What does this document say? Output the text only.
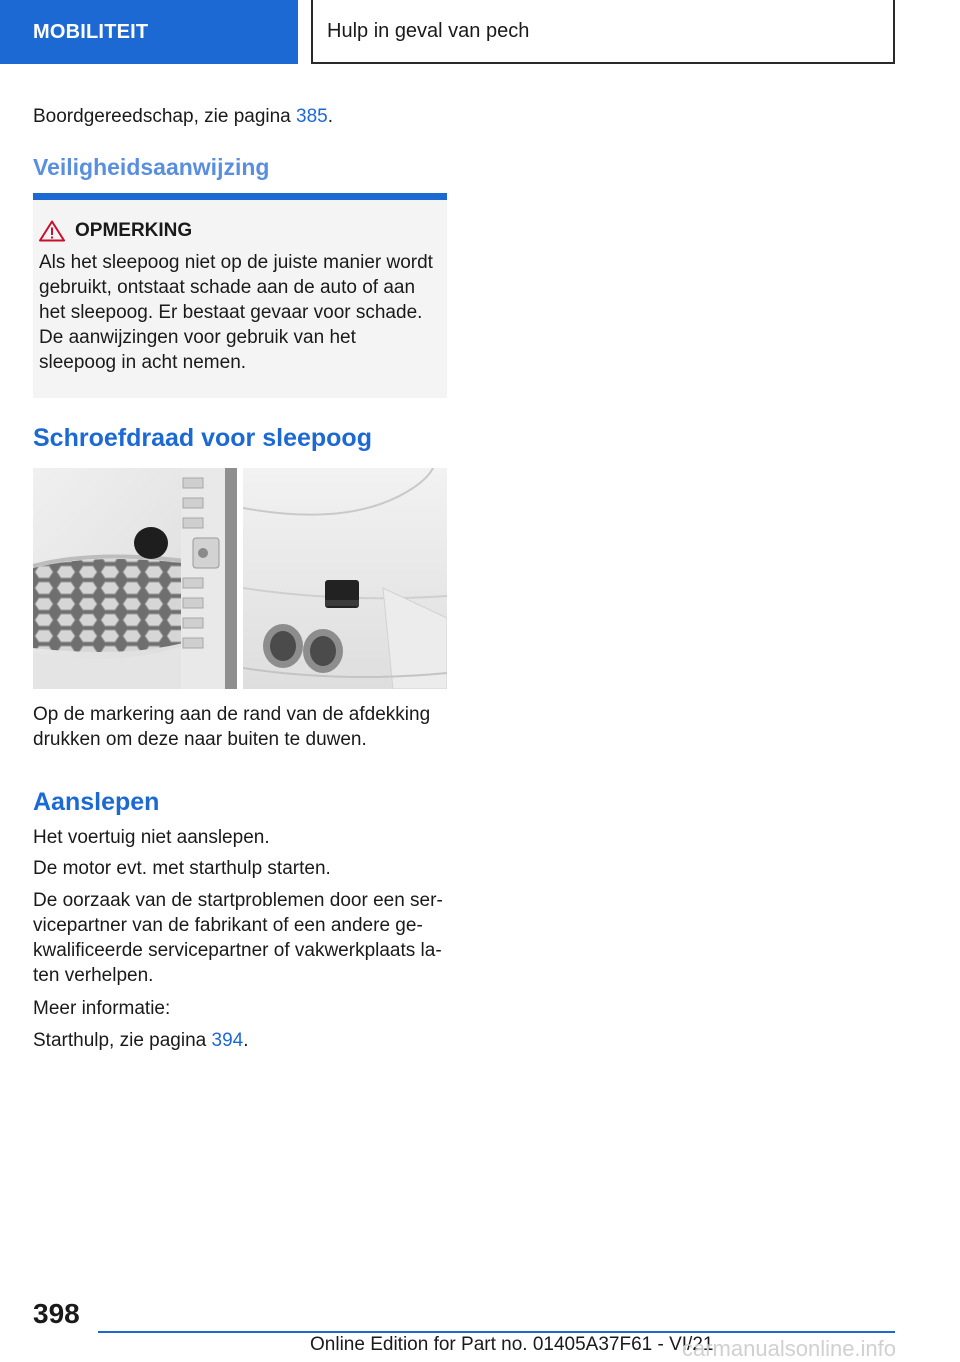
MOBILITEIT	Hulp in geval van pech

Boordgereedschap, zie pagina 385.

Veiligheidsaanwijzing
OPMERKING
Als het sleepoog niet op de juiste manier wordt gebruikt, ontstaat schade aan de auto of aan het sleepoog. Er bestaat gevaar voor schade. De aanwijzingen voor gebruik van het sleepoog in acht nemen.
Schroefdraad voor sleepoog

Op de markering aan de rand van de afdekking drukken om deze naar buiten te duwen.

Aanslepen

Het voertuig niet aanslepen.

De motor evt. met starthulp starten.

De oorzaak van de startproblemen door een servicepartner van de fabrikant of een andere gekwalificeerde servicepartner of vakwerkplaats laten verhelpen.

Meer informatie:

Starthulp, zie pagina 394.

398
Online Edition for Part no. 01405A37F61 - VI/21
carmanualsonline.info
